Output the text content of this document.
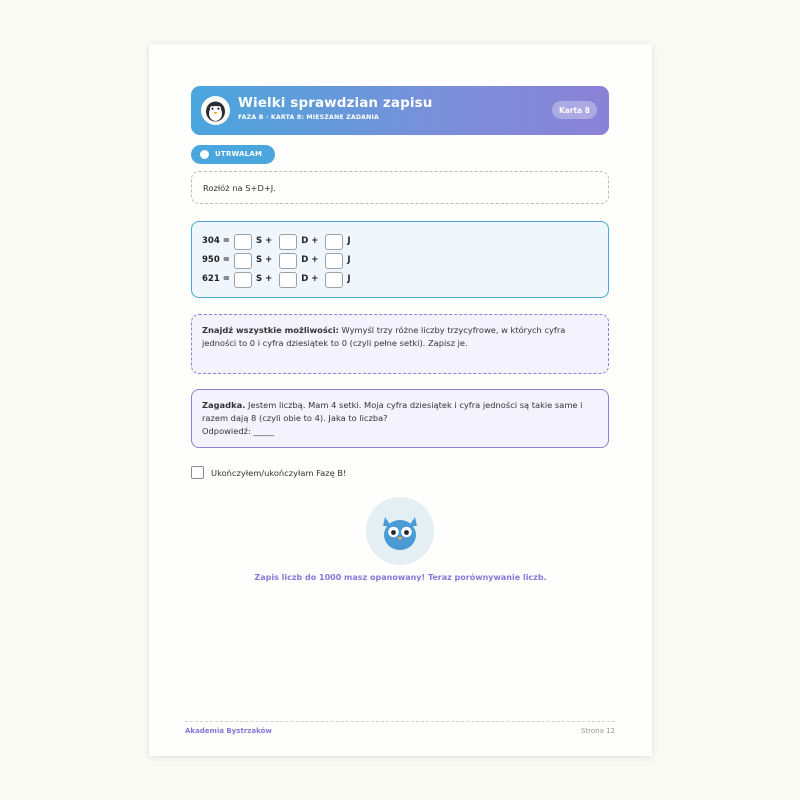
Wielki sprawdzian zapisu
FAZA B · KARTA 8: MIESZANE ZADANIA
Karta 8
UTRWALAM
Rozłóż na S+D+J.
304 =	S +	D +	J
950 =	S +	D +	J
621 =	S +	D +	J
Znajdź wszystkie możliwości: Wymyśl trzy różne liczby trzycyfrowe, w których cyfra jedności to 0 i cyfra dziesiątek to 0 (czyli pełne setki). Zapisz je.
Zagadka. Jestem liczbą. Mam 4 setki. Moja cyfra dziesiątek i cyfra jedności są takie same i razem dają 8 (czyli obie to 4). Jaka to liczba?
Odpowiedź: _____
Ukończyłem/ukończyłam Fazę B!
Zapis liczb do 1000 masz opanowany! Teraz porównywanie liczb.
Akademia Bystrzaków	Strona 12
